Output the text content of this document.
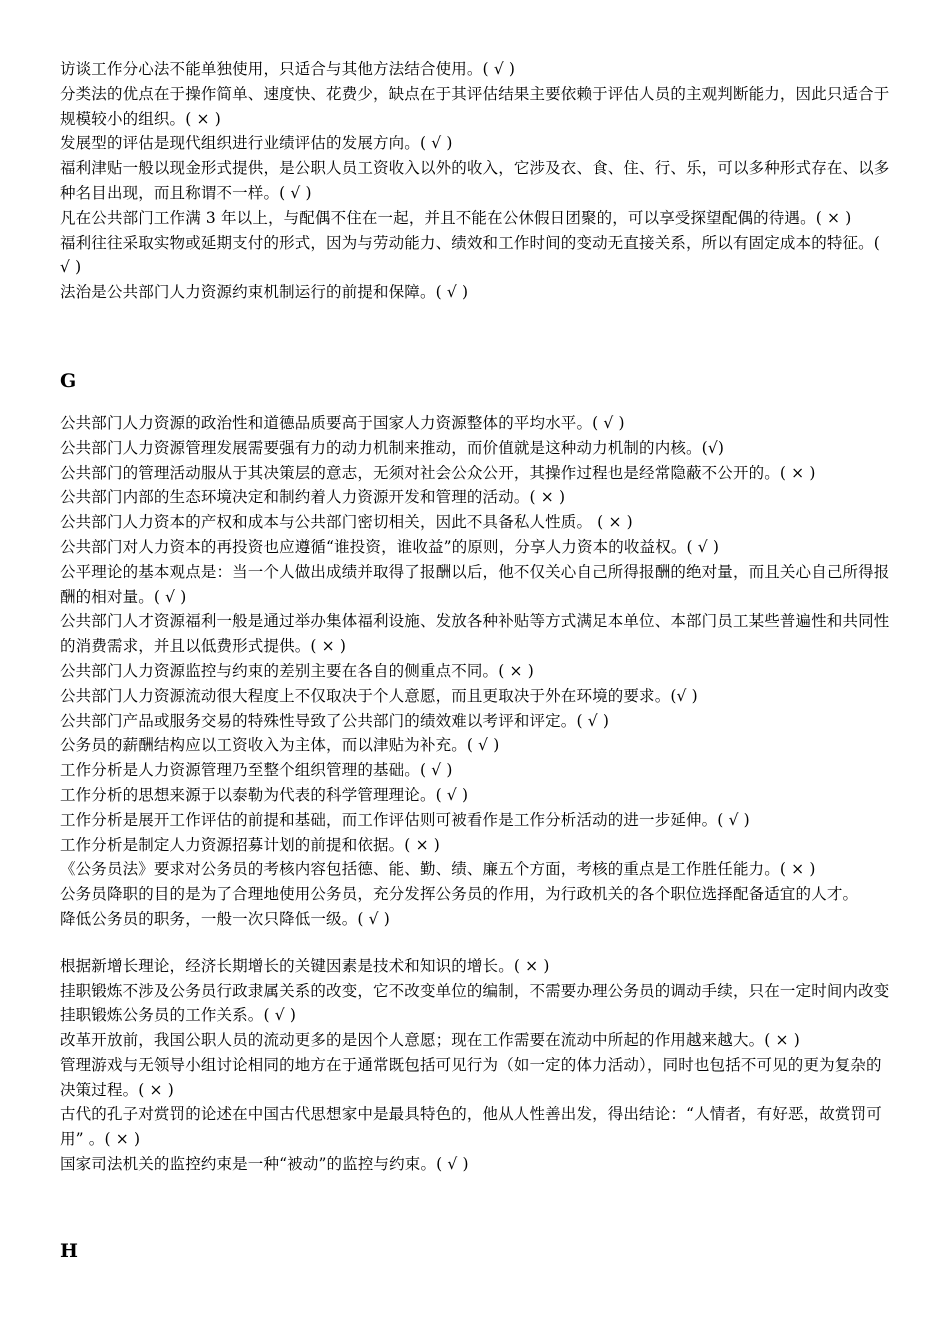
访谈工作分心法不能单独使用，只适合与其他方法结合使用。( √ )

分类法的优点在于操作简单、速度快、花费少，缺点在于其评估结果主要依赖于评估人员的主观判断能力，因此只适合于规模较小的组织。( × )

发展型的评估是现代组织进行业绩评估的发展方向。( √ )

福利津贴一般以现金形式提供，是公职人员工资收入以外的收入，它涉及衣、食、住、行、乐，可以多种形式存在、以多种名目出现，而且称谓不一样。( √ )

凡在公共部门工作满 3 年以上，与配偶不住在一起，并且不能在公休假日团聚的，可以享受探望配偶的待遇。( × )

福利往往采取实物或延期支付的形式，因为与劳动能力、绩效和工作时间的变动无直接关系，所以有固定成本的特征。( √ )

法治是公共部门人力资源约束机制运行的前提和保障。( √ )

G

公共部门人力资源的政治性和道德品质要高于国家人力资源整体的平均水平。( √ )

公共部门人力资源管理发展需要强有力的动力机制来推动，而价值就是这种动力机制的内核。(√)

公共部门的管理活动服从于其决策层的意志，无须对社会公众公开，其操作过程也是经常隐蔽不公开的。( × )

公共部门内部的生态环境决定和制约着人力资源开发和管理的活动。( × )

公共部门人力资本的产权和成本与公共部门密切相关，因此不具备私人性质。 ( × )

公共部门对人力资本的再投资也应遵循“谁投资，谁收益”的原则，分享人力资本的收益权。( √ )

公平理论的基本观点是：当一个人做出成绩并取得了报酬以后，他不仅关心自己所得报酬的绝对量，而且关心自己所得报酬的相对量。( √ )

公共部门人才资源福利一般是通过举办集体福利设施、发放各种补贴等方式满足本单位、本部门员工某些普遍性和共同性的消费需求，并且以低费形式提供。( × )

公共部门人力资源监控与约束的差别主要在各自的侧重点不同。( × )

公共部门人力资源流动很大程度上不仅取决于个人意愿，而且更取决于外在环境的要求。(√ )

公共部门产品或服务交易的特殊性导致了公共部门的绩效难以考评和评定。( √ )

公务员的薪酬结构应以工资收入为主体，而以津贴为补充。( √ )

工作分析是人力资源管理乃至整个组织管理的基础。( √ )

工作分析的思想来源于以泰勒为代表的科学管理理论。( √ )

工作分析是展开工作评估的前提和基础，而工作评估则可被看作是工作分析活动的进一步延伸。( √ )

工作分析是制定人力资源招募计划的前提和依据。( × )

《公务员法》要求对公务员的考核内容包括德、能、勤、绩、廉五个方面，考核的重点是工作胜任能力。( × )

公务员降职的目的是为了合理地使用公务员，充分发挥公务员的作用，为行政机关的各个职位选择配备适宜的人才。

降低公务员的职务，一般一次只降低一级。( √ )

根据新增长理论，经济长期增长的关键因素是技术和知识的增长。( × )

挂职锻炼不涉及公务员行政隶属关系的改变，它不改变单位的编制，不需要办理公务员的调动手续，只在一定时间内改变挂职锻炼公务员的工作关系。( √ )

改革开放前，我国公职人员的流动更多的是因个人意愿；现在工作需要在流动中所起的作用越来越大。( × )

管理游戏与无领导小组讨论相同的地方在于通常既包括可见行为（如一定的体力活动），同时也包括不可见的更为复杂的决策过程。( × )

古代的孔子对赏罚的论述在中国古代思想家中是最具特色的，他从人性善出发，得出结论：“人情者，有好恶，故赏罚可用” 。( × )

国家司法机关的监控约束是一种“被动”的监控与约束。( √ )

H
